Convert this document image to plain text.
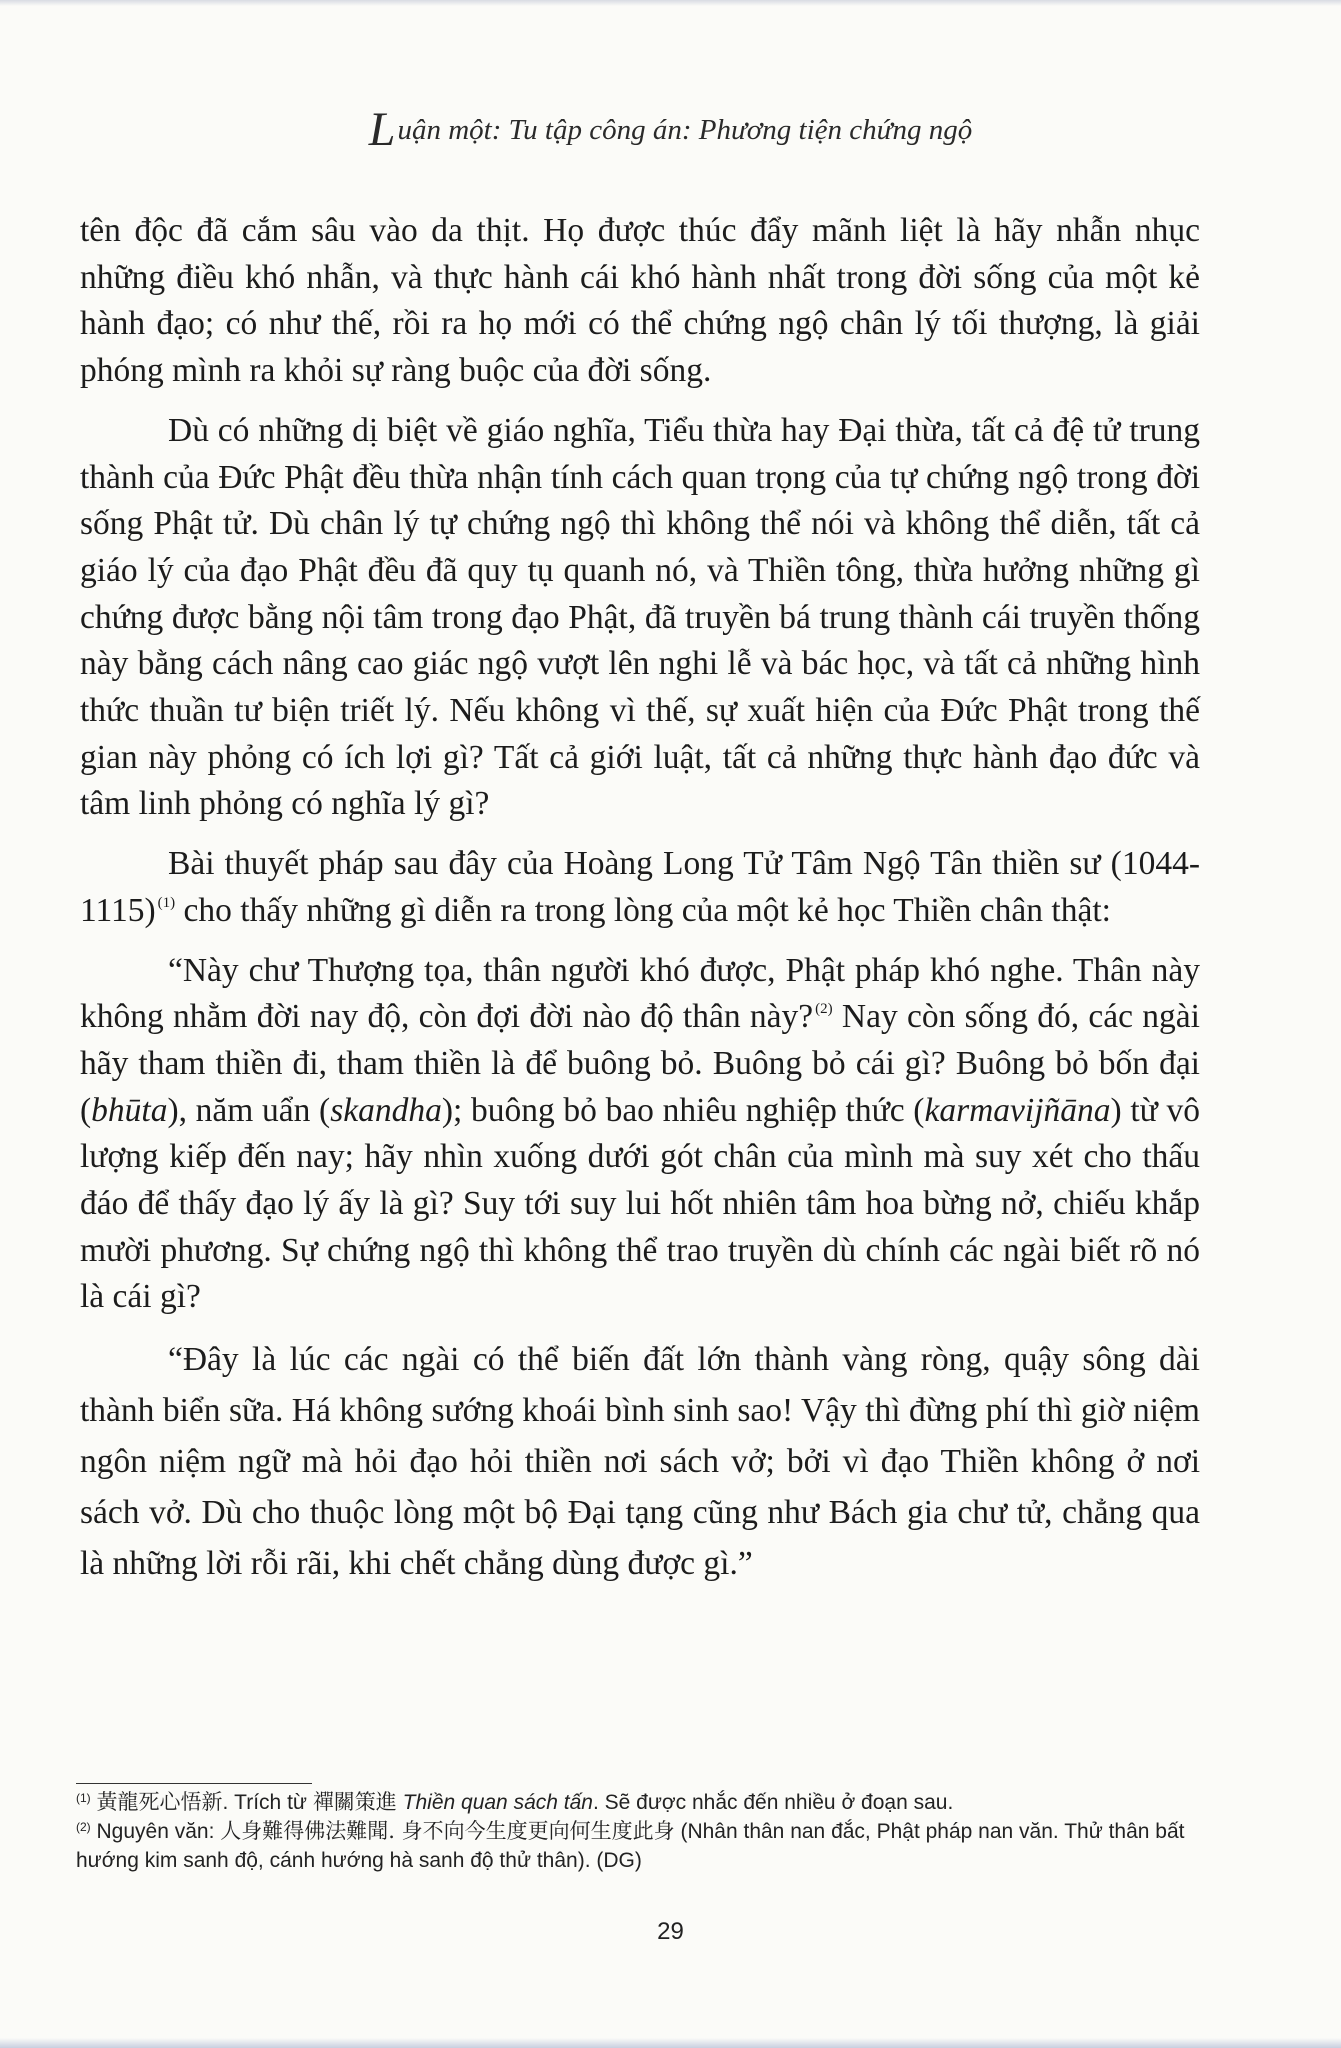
Luận một: Tu tập công án: Phương tiện chứng ngộ

tên độc đã cắm sâu vào da thịt. Họ được thúc đẩy mãnh liệt là hãy nhẫn nhục những điều khó nhẫn, và thực hành cái khó hành nhất trong đời sống của một kẻ hành đạo; có như thế, rồi ra họ mới có thể chứng ngộ chân lý tối thượng, là giải phóng mình ra khỏi sự ràng buộc của đời sống.

Dù có những dị biệt về giáo nghĩa, Tiểu thừa hay Đại thừa, tất cả đệ tử trung thành của Đức Phật đều thừa nhận tính cách quan trọng của tự chứng ngộ trong đời sống Phật tử. Dù chân lý tự chứng ngộ thì không thể nói và không thể diễn, tất cả giáo lý của đạo Phật đều đã quy tụ quanh nó, và Thiền tông, thừa hưởng những gì chứng được bằng nội tâm trong đạo Phật, đã truyền bá trung thành cái truyền thống này bằng cách nâng cao giác ngộ vượt lên nghi lễ và bác học, và tất cả những hình thức thuần tư biện triết lý. Nếu không vì thế, sự xuất hiện của Đức Phật trong thế gian này phỏng có ích lợi gì? Tất cả giới luật, tất cả những thực hành đạo đức và tâm linh phỏng có nghĩa lý gì?

Bài thuyết pháp sau đây của Hoàng Long Tử Tâm Ngộ Tân thiền sư (1044-1115) $^{(1)}$ cho thấy những gì diễn ra trong lòng của một kẻ học Thiền chân thật:

“Này chư Thượng tọa, thân người khó được, Phật pháp khó nghe. Thân này không nhằm đời nay độ, còn đợi đời nào độ thân này? $^{(2)}$ Nay còn sống đó, các ngài hãy tham thiền đi, tham thiền là để buông bỏ. Buông bỏ cái gì? Buông bỏ bốn đại (bhūta), năm uẩn (skandha); buông bỏ bao nhiêu nghiệp thức (karmavijñāna) từ vô lượng kiếp đến nay; hãy nhìn xuống dưới gót chân của mình mà suy xét cho thấu đáo để thấy đạo lý ấy là gì? Suy tới suy lui hốt nhiên tâm hoa bừng nở, chiếu khắp mười phương. Sự chứng ngộ thì không thể trao truyền dù chính các ngài biết rõ nó là cái gì?

“Đây là lúc các ngài có thể biến đất lớn thành vàng ròng, quậy sông dài thành biển sữa. Há không sướng khoái bình sinh sao! Vậy thì đừng phí thì giờ niệm ngôn niệm ngữ mà hỏi đạo hỏi thiền nơi sách vở; bởi vì đạo Thiền không ở nơi sách vở. Dù cho thuộc lòng một bộ Đại tạng cũng như Bách gia chư tử, chẳng qua là những lời rỗi rãi, khi chết chẳng dùng được gì.”

$^{(1)}$ 黃龍死心悟新. Trích từ 禪關策進 Thiền quan sách tấn. Sẽ được nhắc đến nhiều ở đoạn sau.

$^{(2)}$ Nguyên văn: 人身難得佛法難聞. 身不向今生度更向何生度此身 (Nhân thân nan đắc, Phật pháp nan văn. Thử thân bất hướng kim sanh độ, cánh hướng hà sanh độ thử thân). (DG)

29
